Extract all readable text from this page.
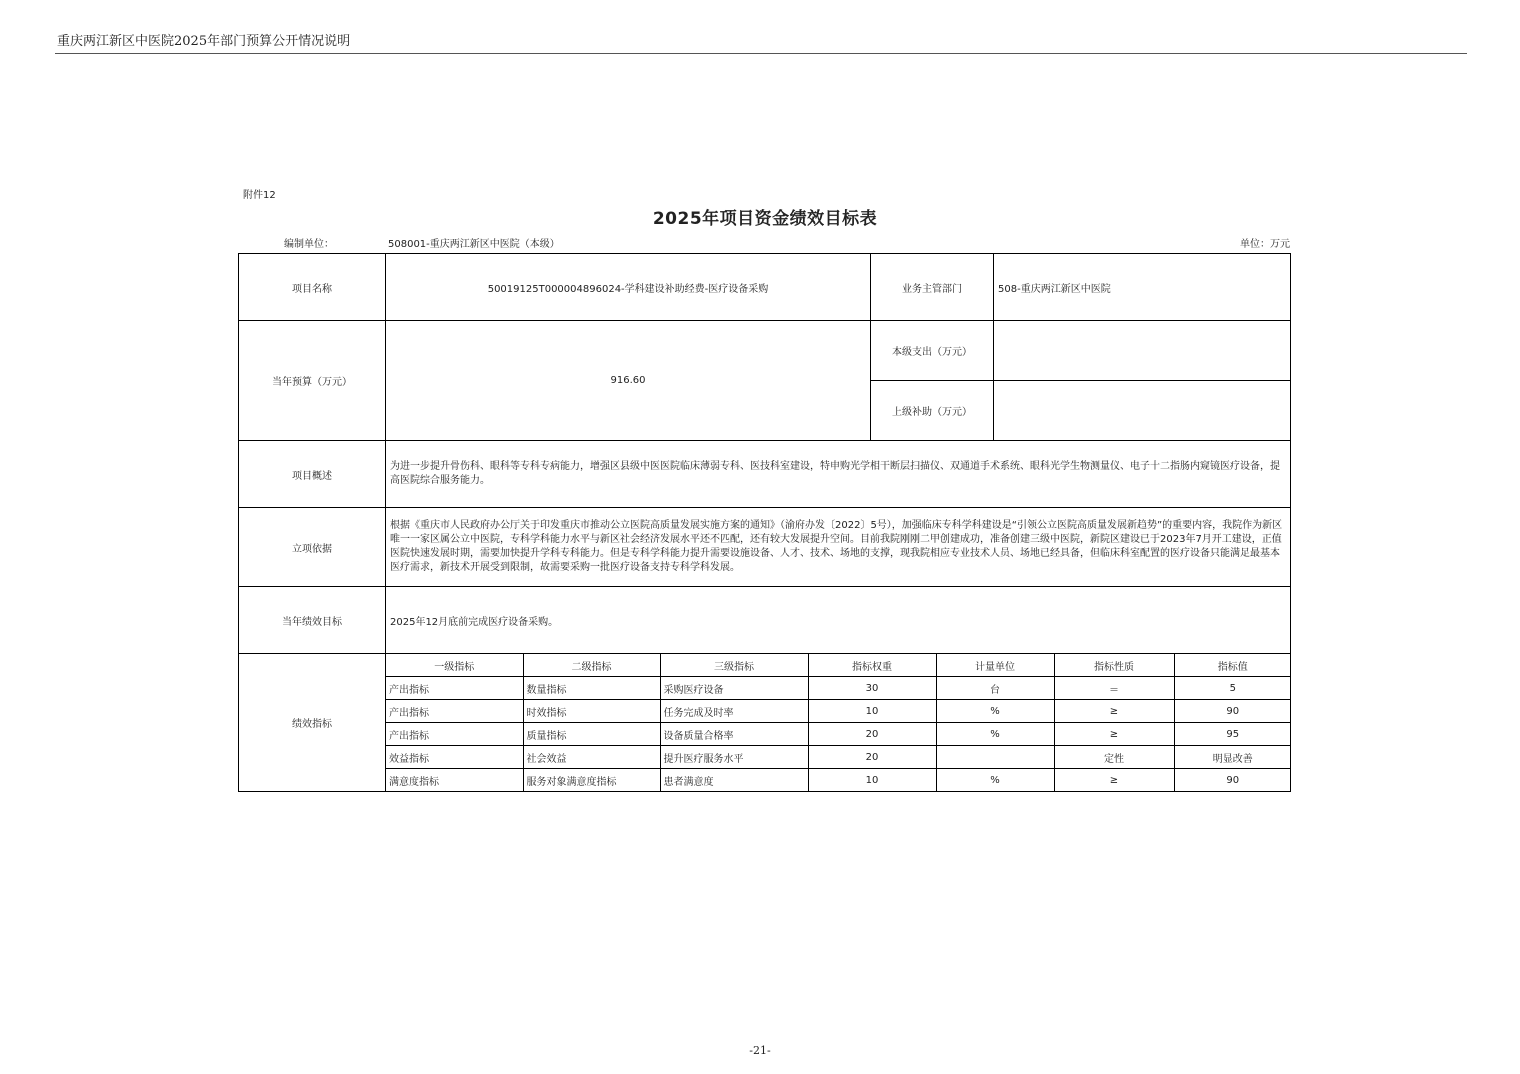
重庆两江新区中医院2025年部门预算公开情况说明
附件12
2025年项目资金绩效目标表
编制单位：	508001-重庆两江新区中医院（本级）	单位：万元
项目名称	50019125T000004896024-学科建设补助经费-医疗设备采购	业务主管部门	508-重庆两江新区中医院
当年预算（万元）	916.60	本级支出（万元）	
上级补助（万元）	
项目概述	为进一步提升骨伤科、眼科等专科专病能力，增强区县级中医医院临床薄弱专科、医技科室建设，特申购光学相干断层扫描仪、双通道手术系统、眼科光学生物测量仪、电子十二指肠内窥镜医疗设备，提高医院综合服务能力。
立项依据	根据《重庆市人民政府办公厅关于印发重庆市推动公立医院高质量发展实施方案的通知》（渝府办发〔2022〕5号），加强临床专科学科建设是“引领公立医院高质量发展新趋势”的重要内容，我院作为新区唯一一家区属公立中医院，专科学科能力水平与新区社会经济发展水平还不匹配，还有较大发展提升空间。目前我院刚刚二甲创建成功，准备创建三级中医院，新院区建设已于2023年7月开工建设，正值医院快速发展时期，需要加快提升学科专科能力。但是专科学科能力提升需要设施设备、人才、技术、场地的支撑，现我院相应专业技术人员、场地已经具备，但临床科室配置的医疗设备只能满足最基本医疗需求，新技术开展受到限制，故需要采购一批医疗设备支持专科学科发展。
当年绩效目标	2025年12月底前完成医疗设备采购。
绩效指标	
一级指标	二级指标	三级指标	指标权重	计量单位	指标性质	指标值
产出指标	数量指标	采购医疗设备	30	台	＝	5
产出指标	时效指标	任务完成及时率	10	%	≥	90
产出指标	质量指标	设备质量合格率	20	%	≥	95
效益指标	社会效益	提升医疗服务水平	20		定性	明显改善
满意度指标	服务对象满意度指标	患者满意度	10	%	≥	90
-21-
